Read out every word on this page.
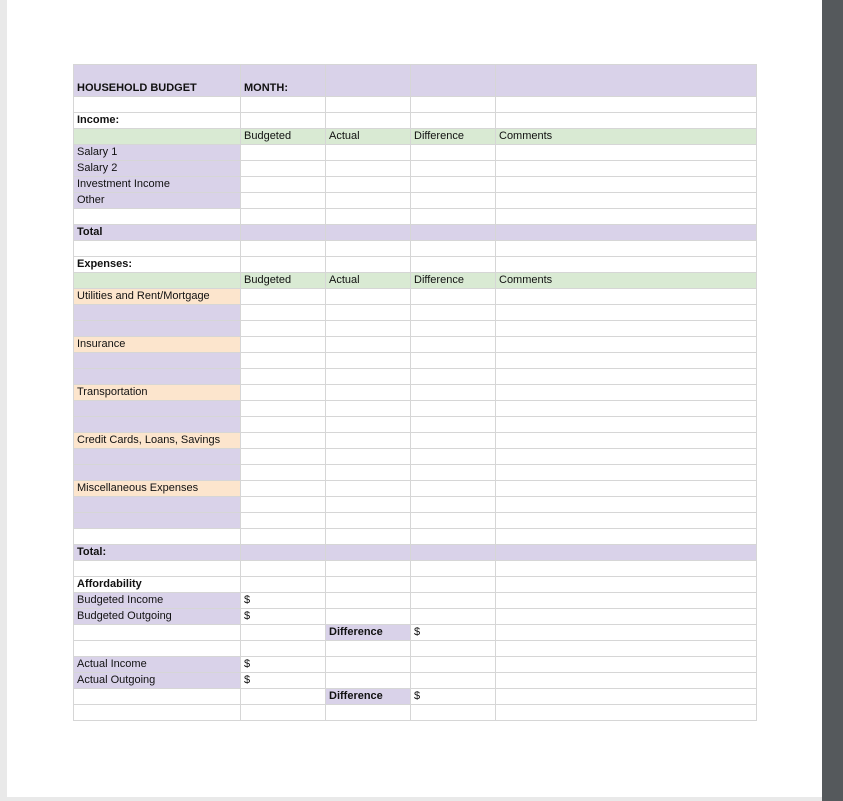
HOUSEHOLD BUDGET	MONTH:			

Income:				
	Budgeted	Actual	Difference	Comments
Salary 1				
Salary 2				
Investment Income				
Other				

Total				

Expenses:				
	Budgeted	Actual	Difference	Comments
Utilities and Rent/Mortgage				

Insurance				

Transportation				

Credit Cards, Loans, Savings				

Miscellaneous Expenses				

Total:				

Affordability				
Budgeted Income	$			
Budgeted Outgoing	$			
		Difference	$	

Actual Income	$			
Actual Outgoing	$			
		Difference	$	
